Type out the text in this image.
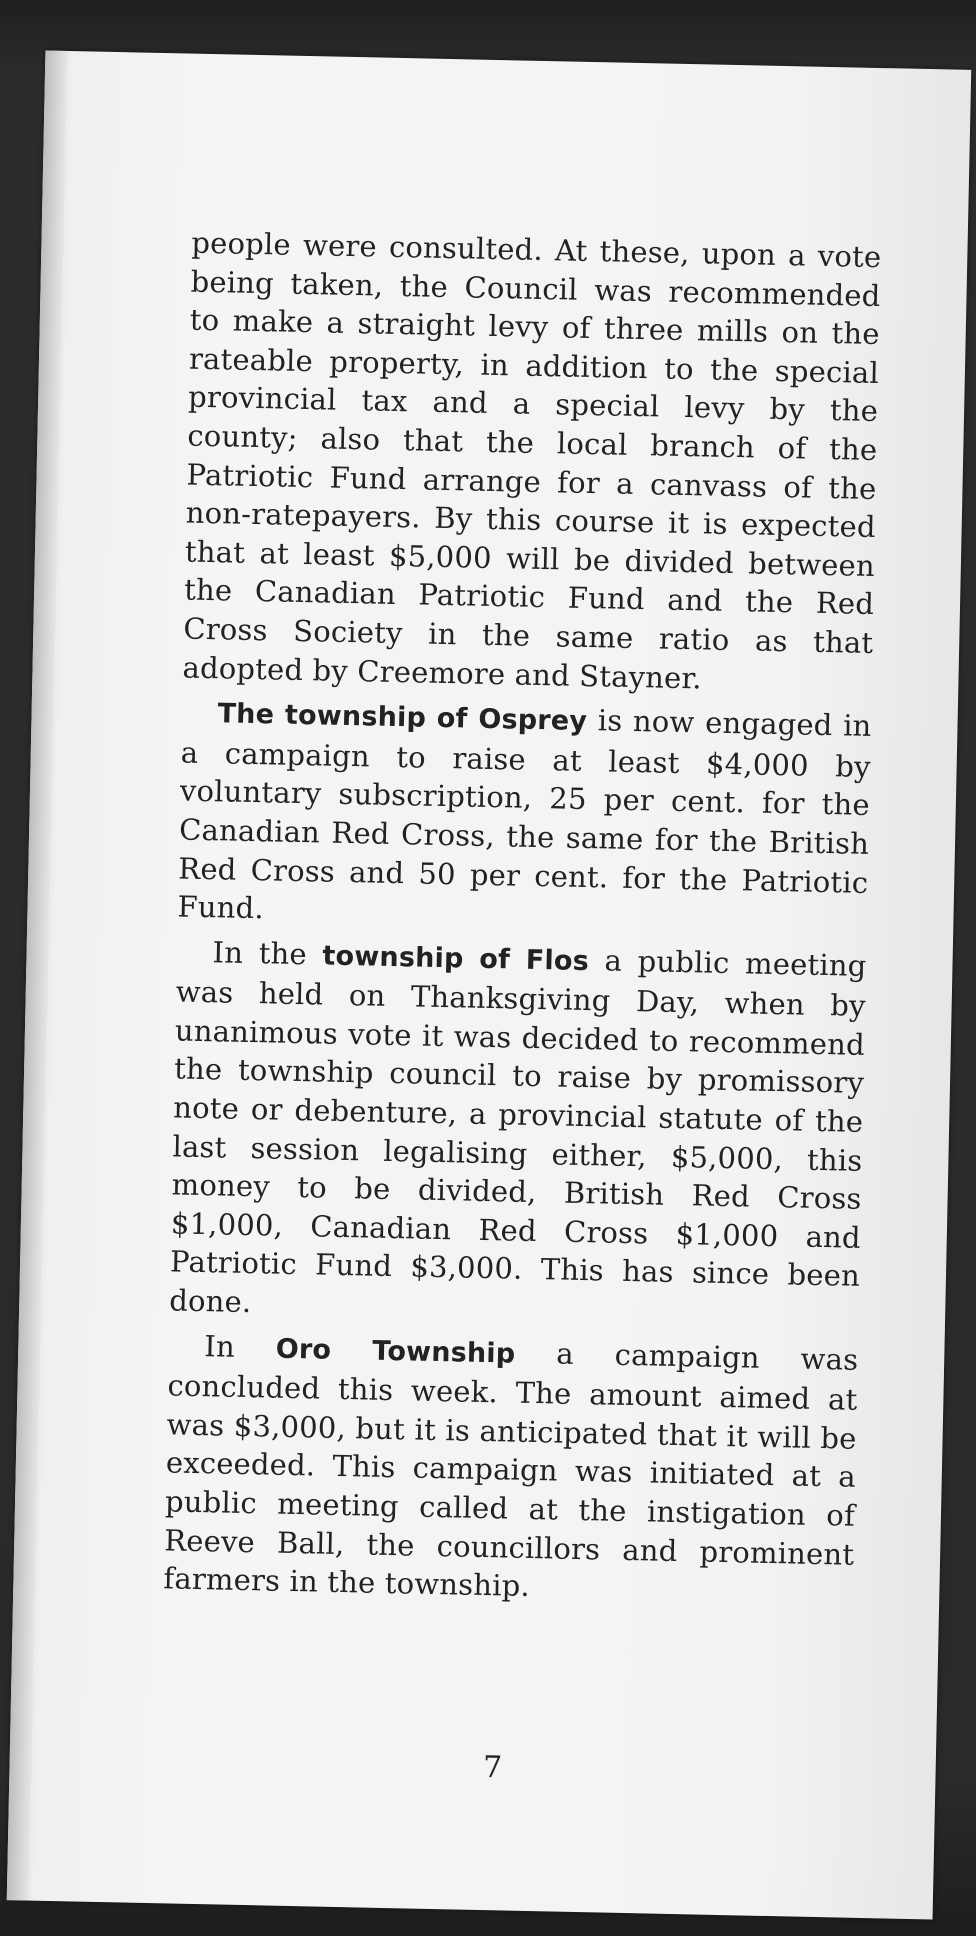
people were consulted. At these, upon a vote being taken, the Council was recommended to make a straight levy of three mills on the rateable property, in addition to the special provincial tax and a special levy by the county; also that the local branch of the Patriotic Fund arrange for a canvass of the non-ratepayers. By this course it is expected that at least $5,000 will be divided between the Canadian Patriotic Fund and the Red Cross Society in the same ratio as that adopted by Creemore and Stayner.

The township of Osprey is now engaged in a campaign to raise at least $4,000 by voluntary subscription, 25 per cent. for the Canadian Red Cross, the same for the British Red Cross and 50 per cent. for the Patriotic Fund.

In the township of Flos a public meeting was held on Thanksgiving Day, when by unanimous vote it was decided to recommend the township council to raise by promissory note or debenture, a provincial statute of the last session legalising either, $5,000, this money to be divided, British Red Cross $1,000, Canadian Red Cross $1,000 and Patriotic Fund $3,000. This has since been done.

In Oro Township a campaign was concluded this week. The amount aimed at was $3,000, but it is anticipated that it will be exceeded. This campaign was initiated at a public meeting called at the instigation of Reeve Ball, the councillors and prominent farmers in the township.

7
